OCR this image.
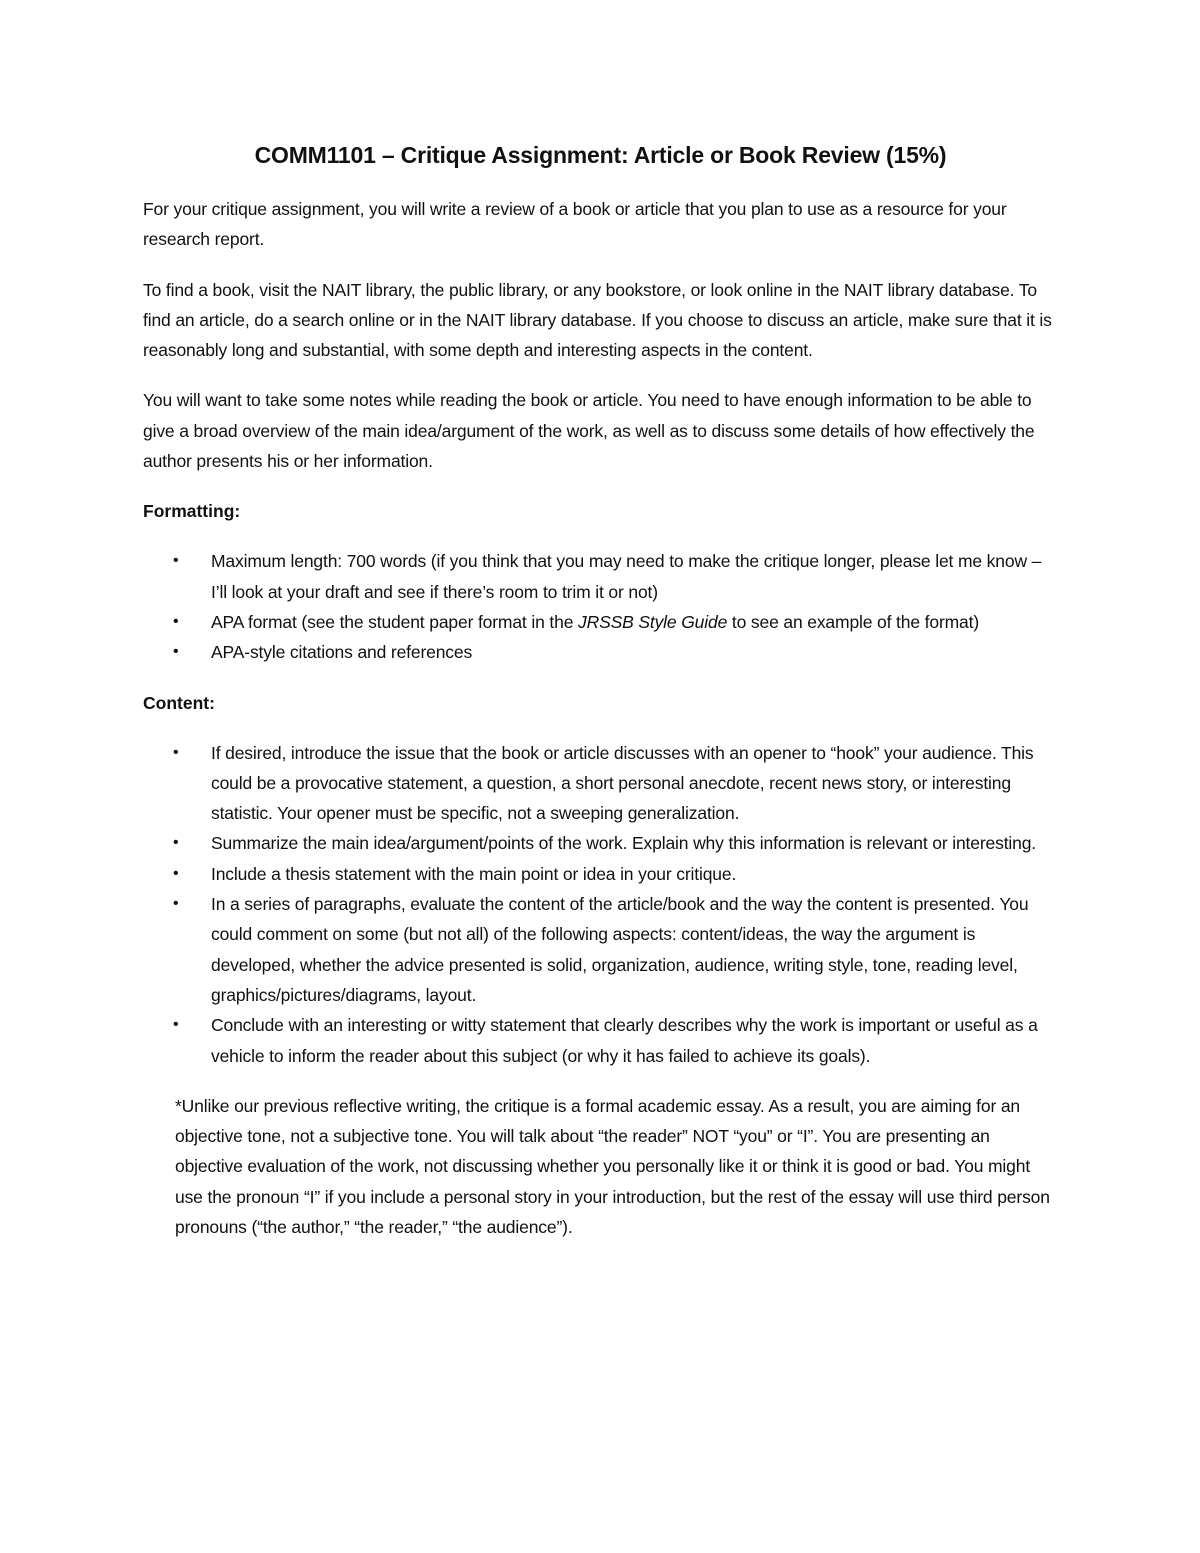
COMM1101 – Critique Assignment: Article or Book Review (15%)

For your critique assignment, you will write a review of a book or article that you plan to use as a resource for your research report.

To find a book, visit the NAIT library, the public library, or any bookstore, or look online in the NAIT library database. To find an article, do a search online or in the NAIT library database. If you choose to discuss an article, make sure that it is reasonably long and substantial, with some depth and interesting aspects in the content.

You will want to take some notes while reading the book or article. You need to have enough information to be able to give a broad overview of the main idea/argument of the work, as well as to discuss some details of how effectively the author presents his or her information.

Formatting:
• Maximum length: 700 words (if you think that you may need to make the critique longer, please let me know – I’ll look at your draft and see if there’s room to trim it or not)
• APA format (see the student paper format in the JRSSB Style Guide to see an example of the format)
• APA-style citations and references
Content:
• If desired, introduce the issue that the book or article discusses with an opener to “hook” your audience. This could be a provocative statement, a question, a short personal anecdote, recent news story, or interesting statistic. Your opener must be specific, not a sweeping generalization.
• Summarize the main idea/argument/points of the work. Explain why this information is relevant or interesting.
• Include a thesis statement with the main point or idea in your critique.
• In a series of paragraphs, evaluate the content of the article/book and the way the content is presented. You could comment on some (but not all) of the following aspects: content/ideas, the way the argument is developed, whether the advice presented is solid, organization, audience, writing style, tone, reading level, graphics/pictures/diagrams, layout.
• Conclude with an interesting or witty statement that clearly describes why the work is important or useful as a vehicle to inform the reader about this subject (or why it has failed to achieve its goals).

*Unlike our previous reflective writing, the critique is a formal academic essay. As a result, you are aiming for an objective tone, not a subjective tone. You will talk about “the reader” NOT “you” or “I”. You are presenting an objective evaluation of the work, not discussing whether you personally like it or think it is good or bad. You might use the pronoun “I” if you include a personal story in your introduction, but the rest of the essay will use third person pronouns (“the author,” “the reader,” “the audience”).
